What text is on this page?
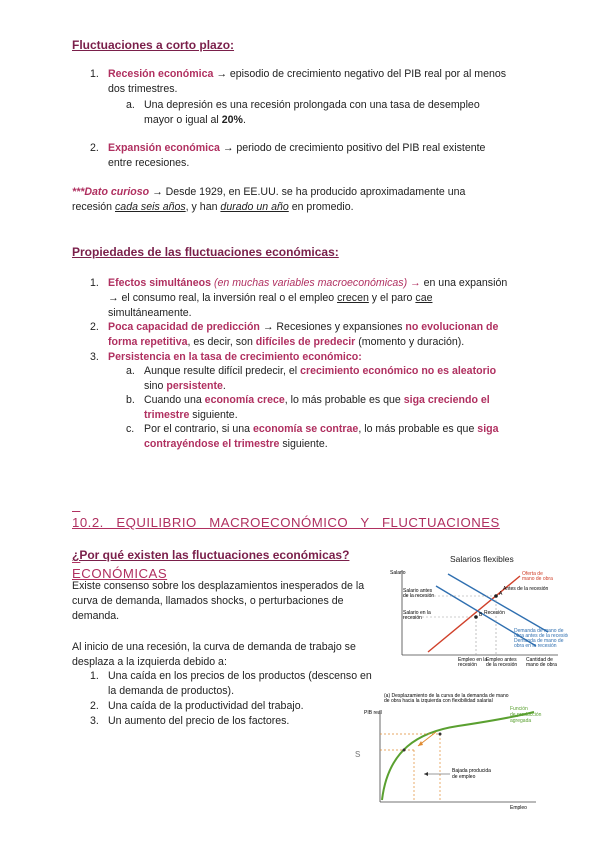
Fluctuaciones a corto plazo:
1. Recesión económica → episodio de crecimiento negativo del PIB real por al menos
dos trimestres.
a. Una depresión es una recesión prolongada con una tasa de desempleo
mayor o igual al 20%.
2. Expansión económica → periodo de crecimiento positivo del PIB real existente
entre recesiones.
***Dato curioso → Desde 1929, en EE.UU. se ha producido aproximadamente una
recesión cada seis años, y han durado un año en promedio.
Propiedades de las fluctuaciones económicas:
1. Efectos simultáneos (en muchas variables macroeconómicas) → en una expansión
→ el consumo real, la inversión real o el empleo crecen y el paro cae
simultáneamente.
2. Poca capacidad de predicción → Recesiones y expansiones no evolucionan de
forma repetitiva, es decir, son difíciles de predecir (momento y duración).
3. Persistencia en la tasa de crecimiento económico:
a. Aunque resulte difícil predecir, el crecimiento económico no es aleatorio
sino persistente.
b. Cuando una economía crece, lo más probable es que siga creciendo el
trimestre siguiente.
c. Por el contrario, si una economía se contrae, lo más probable es que siga
contrayéndose el trimestre siguiente.

10.2.   EQUILIBRIO   MACROECONÓMICO   Y   FLUCTUACIONES

ECONÓMICAS

¿Por qué existen las fluctuaciones económicas?
Existe consenso sobre los desplazamientos inesperados de la
curva de demanda, llamados shocks, o perturbaciones de
demanda.
Al inicio de una recesión, la curva de demanda de trabajo se
desplaza a la izquierda debido a:
1. Una caída en los precios de los productos (descenso en
la demanda de productos).
2. Una caída de la productividad del trabajo.
3. Un aumento del precio de los factores.
Salarios flexibles
Salario
A
B
Antes de la recesión
Recesión
Oferta de
mano de obra
Salario antes
de la recesión
Salario en la
recesión
Demanda de mano de
obra antes de la recesión
Demanda de mano de
obra en la recesión
Empleo en la
recesión
Empleo antes
de la recesión
Cantidad de
mano de obra
(a) Desplazamiento de la curva de la demanda de mano
de obra hacia la izquierda con flexibilidad salarial
PIB real
Empleo
Bajada producida
de empleo
Función
de producción
agregada
s
